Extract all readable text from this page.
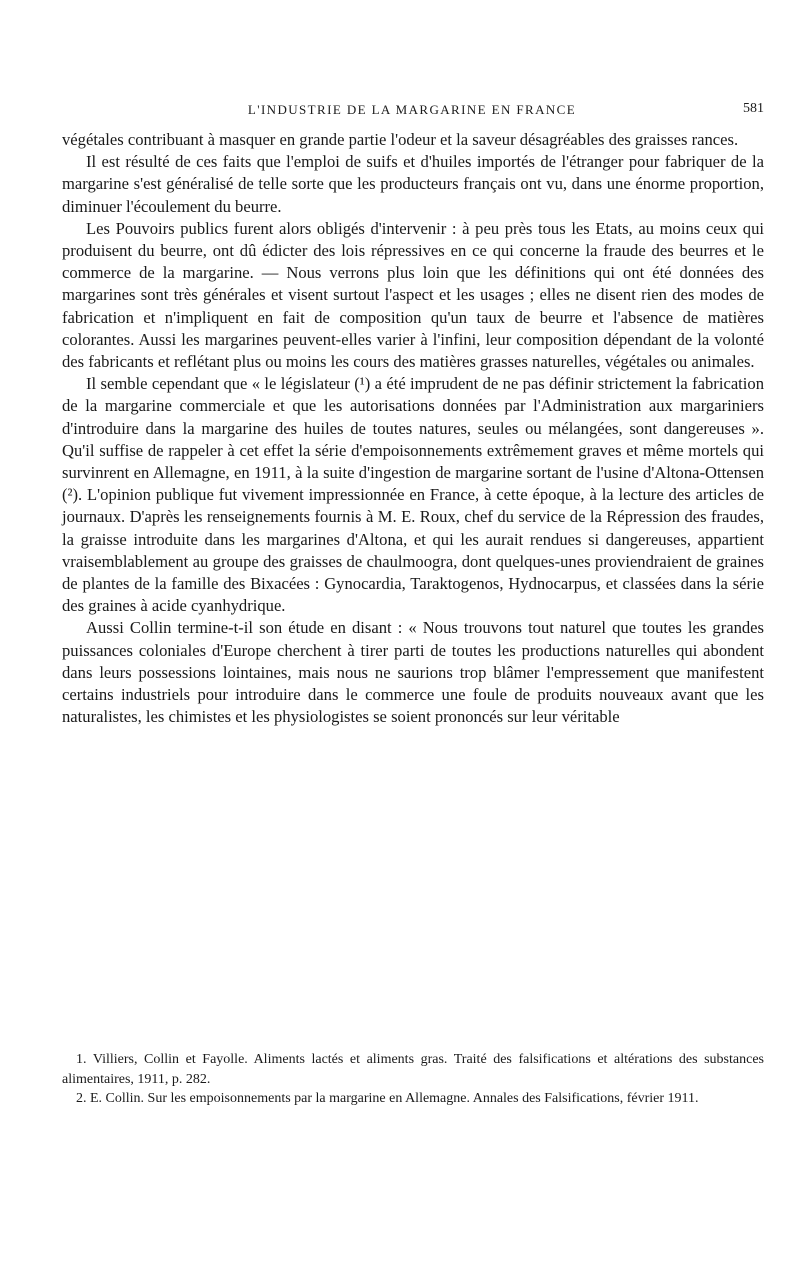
L'INDUSTRIE DE LA MARGARINE EN FRANCE	581

végétales contribuant à masquer en grande partie l'odeur et la saveur désagréables des graisses rances.

Il est résulté de ces faits que l'emploi de suifs et d'huiles importés de l'étranger pour fabriquer de la margarine s'est généralisé de telle sorte que les producteurs français ont vu, dans une énorme proportion, diminuer l'écoulement du beurre.

Les Pouvoirs publics furent alors obligés d'intervenir : à peu près tous les Etats, au moins ceux qui produisent du beurre, ont dû édicter des lois répressives en ce qui concerne la fraude des beurres et le commerce de la margarine. — Nous verrons plus loin que les définitions qui ont été données des margarines sont très générales et visent surtout l'aspect et les usages ; elles ne disent rien des modes de fabrication et n'impliquent en fait de composition qu'un taux de beurre et l'absence de matières colorantes. Aussi les margarines peuvent-elles varier à l'infini, leur composition dépendant de la volonté des fabricants et reflétant plus ou moins les cours des matières grasses naturelles, végétales ou animales.

Il semble cependant que « le législateur (¹) a été imprudent de ne pas définir strictement la fabrication de la margarine commerciale et que les autorisations données par l'Administration aux margariniers d'introduire dans la margarine des huiles de toutes natures, seules ou mélangées, sont dangereuses ». Qu'il suffise de rappeler à cet effet la série d'empoisonnements extrêmement graves et même mortels qui survinrent en Allemagne, en 1911, à la suite d'ingestion de margarine sortant de l'usine d'Altona-Ottensen (²). L'opinion publique fut vivement impressionnée en France, à cette époque, à la lecture des articles de journaux. D'après les renseignements fournis à M. E. Roux, chef du service de la Répression des fraudes, la graisse introduite dans les margarines d'Altona, et qui les aurait rendues si dangereuses, appartient vraisemblablement au groupe des graisses de chaulmoogra, dont quelques-unes proviendraient de graines de plantes de la famille des Bixacées : Gynocardia, Taraktogenos, Hydnocarpus, et classées dans la série des graines à acide cyanhydrique.

Aussi Collin termine-t-il son étude en disant : « Nous trouvons tout naturel que toutes les grandes puissances coloniales d'Europe cherchent à tirer parti de toutes les productions naturelles qui abondent dans leurs possessions lointaines, mais nous ne saurions trop blâmer l'empressement que manifestent certains industriels pour introduire dans le commerce une foule de produits nouveaux avant que les naturalistes, les chimistes et les physiologistes se soient prononcés sur leur véritable

1. Villiers, Collin et Fayolle. Aliments lactés et aliments gras. Traité des falsifications et altérations des substances alimentaires, 1911, p. 282.

2. E. Collin. Sur les empoisonnements par la margarine en Allemagne. Annales des Falsifications, février 1911.
